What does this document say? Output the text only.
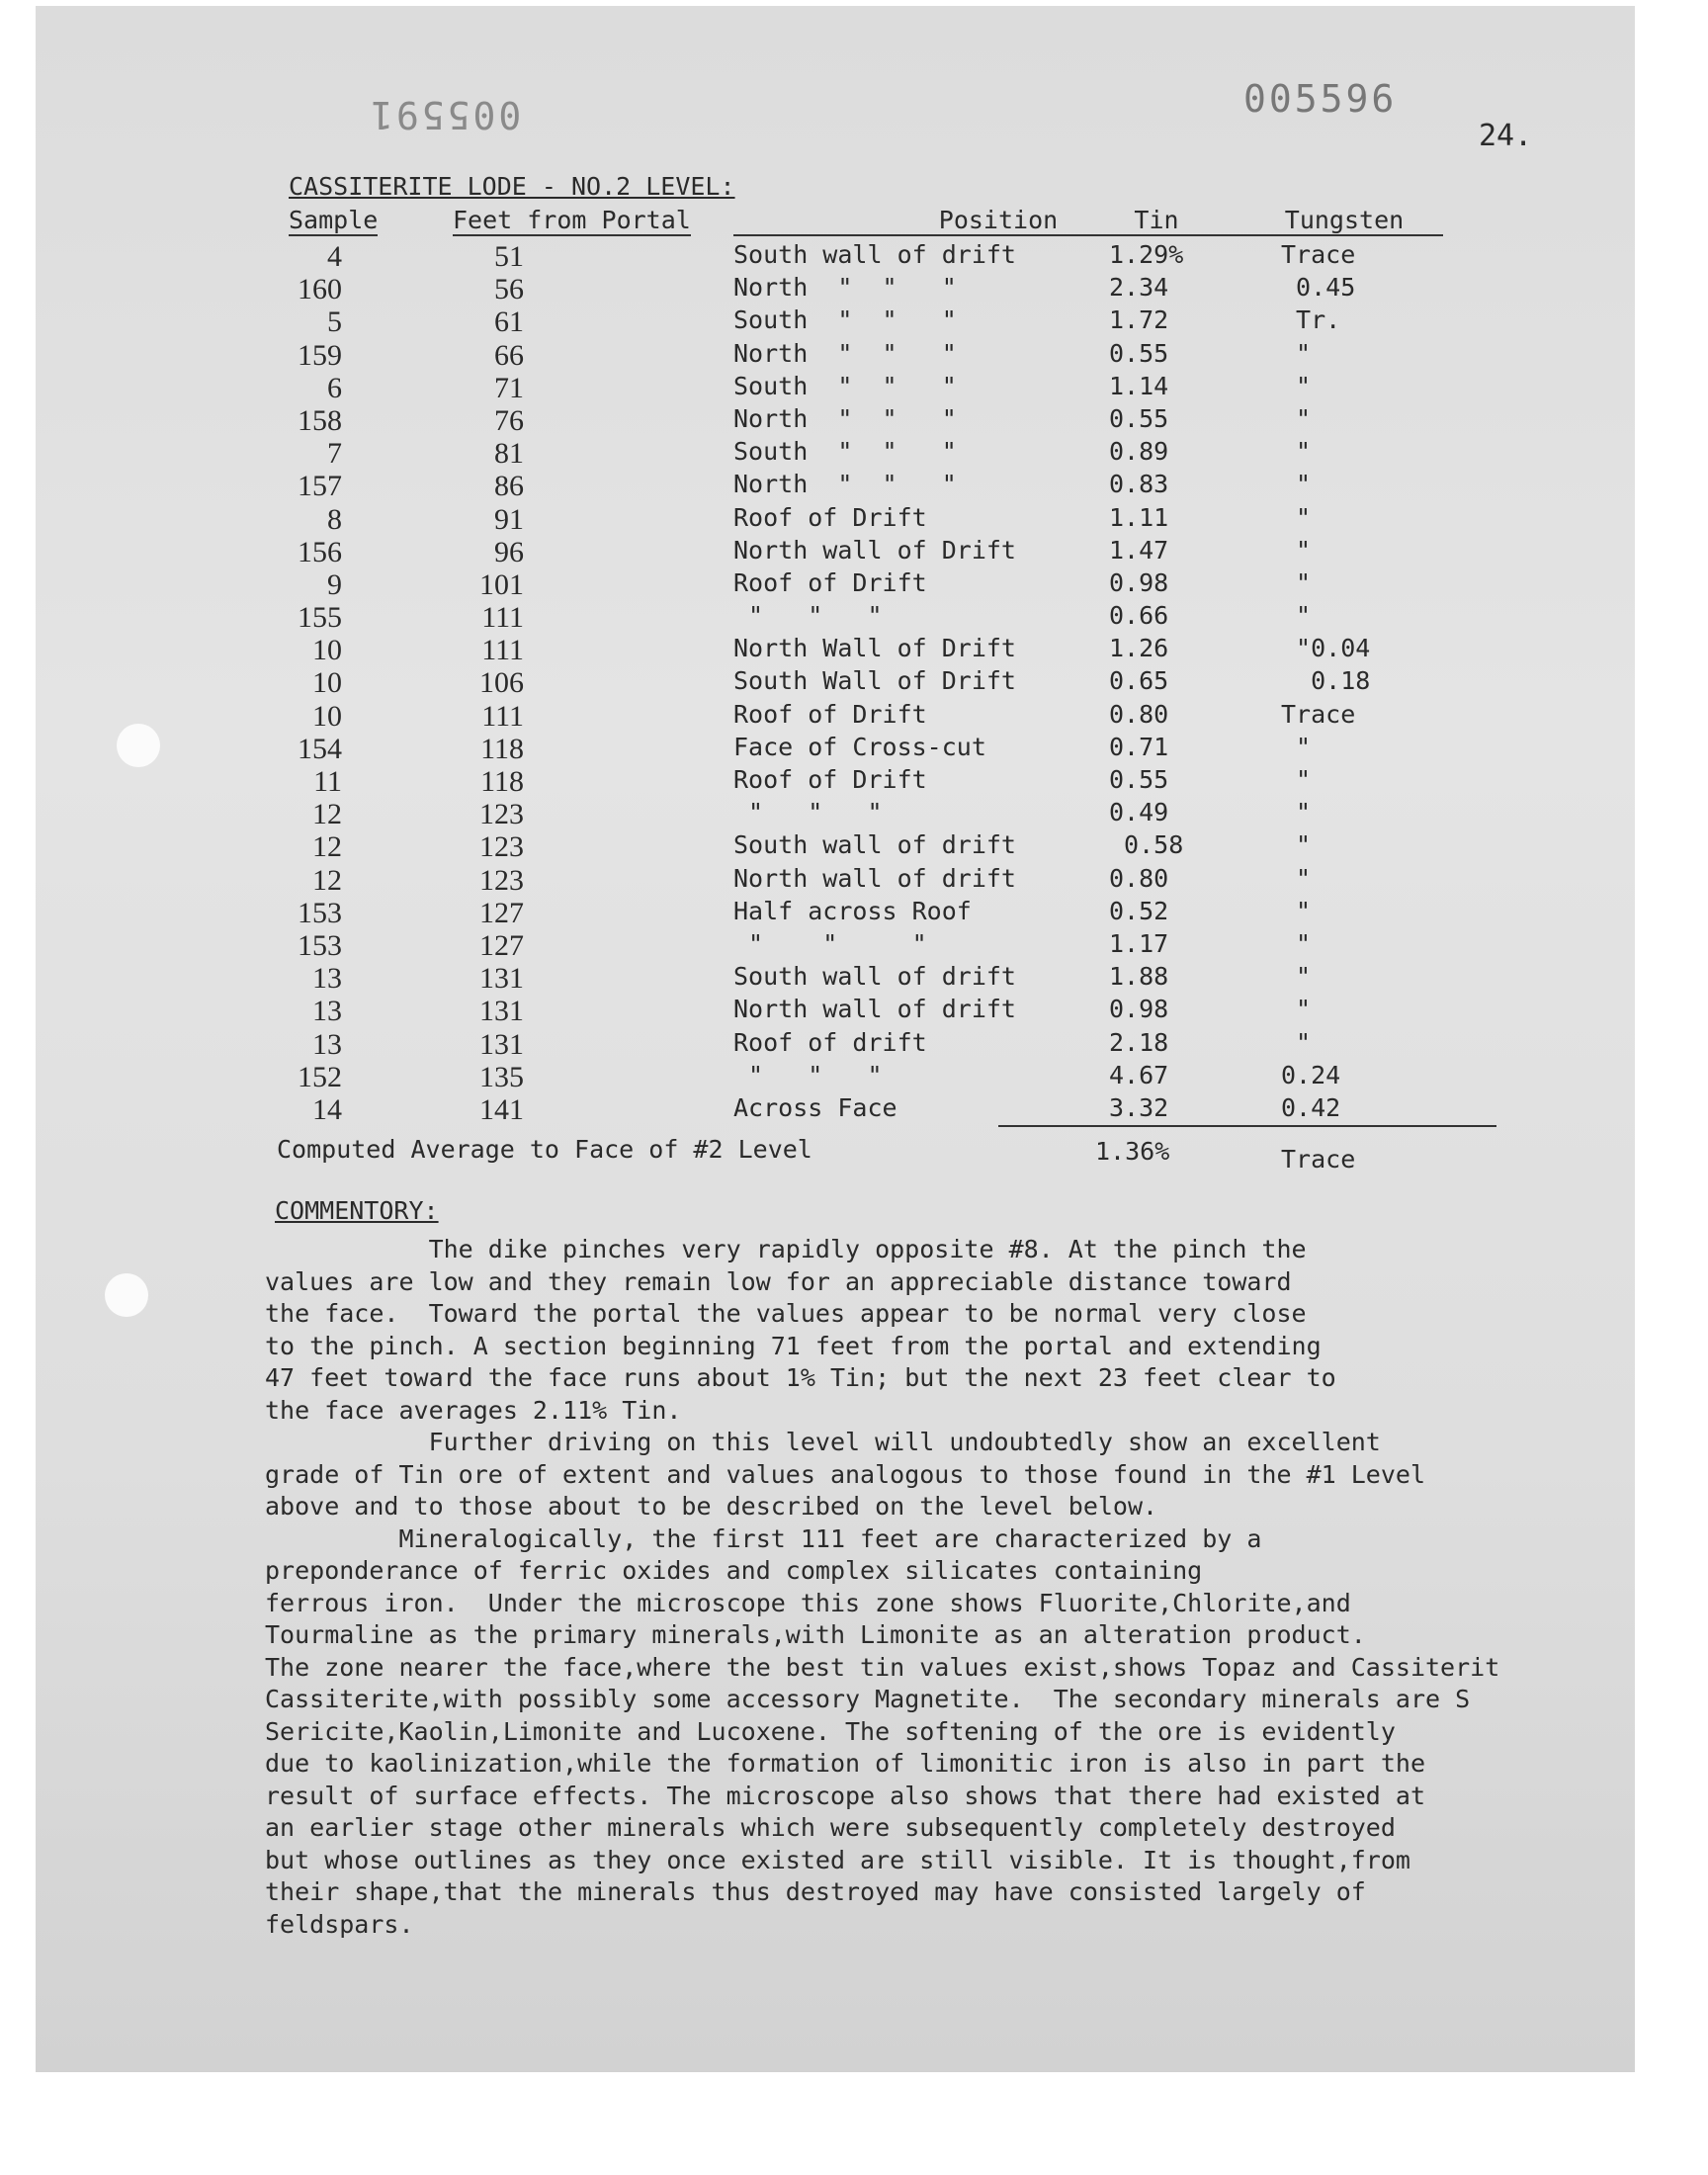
005591	005596
24.
CASSITERITE LODE - NO.2 LEVEL:
Sample	Feet from Portal	Position	Tin	Tungsten
4	51	South wall of drift	1.29%	Trace
160	56	North  "  "   "	2.34	0.45
5	61	South  "  "   "	1.72	Tr.
159	66	North  "  "   "	0.55	"
6	71	South  "  "   "	1.14	"
158	76	North  "  "   "	0.55	"
7	81	South  "  "   "	0.89	"
157	86	North  "  "   "	0.83	"
8	91	Roof of Drift	1.11	"
156	96	North wall of Drift	1.47	"
9	101	Roof of Drift	0.98	"
155	111	"   "   "	0.66	"
10	111	North Wall of Drift	1.26	"0.04
10	106	South Wall of Drift	0.65	0.18
10	111	Roof of Drift	0.80	Trace
154	118	Face of Cross-cut	0.71	"
11	118	Roof of Drift	0.55	"
12	123	"   "   "	0.49	"
12	123	South wall of drift	0.58	"
12	123	North wall of drift	0.80	"
153	127	Half across Roof	0.52	"
153	127	"    "     "	1.17	"
13	131	South wall of drift	1.88	"
13	131	North wall of drift	0.98	"
13	131	Roof of drift	2.18	"
152	135	"   "   "	4.67	0.24
14	141	Across Face	3.32	0.42
Computed Average to Face of #2 Level	1.36%	Trace
COMMENTORY:

The dike pinches very rapidly opposite #8. At the pinch the

values are low and they remain low for an appreciable distance toward

the face.  Toward the portal the values appear to be normal very close

to the pinch. A section beginning 71 feet from the portal and extending

47 feet toward the face runs about 1% Tin; but the next 23 feet clear to

the face averages 2.11% Tin.

Further driving on this level will undoubtedly show an excellent

grade of Tin ore of extent and values analogous to those found in the #1 Level

above and to those about to be described on the level below.

Mineralogically, the first 111 feet are characterized by a

preponderance of ferric oxides and complex silicates containing

ferrous iron.  Under the microscope this zone shows Fluorite,Chlorite,and

Tourmaline as the primary minerals,with Limonite as an alteration product.

The zone nearer the face,where the best tin values exist,shows Topaz and Cassiterit

Cassiterite,with possibly some accessory Magnetite.  The secondary minerals are S

Sericite,Kaolin,Limonite and Lucoxene. The softening of the ore is evidently

due to kaolinization,while the formation of limonitic iron is also in part the

result of surface effects. The microscope also shows that there had existed at

an earlier stage other minerals which were subsequently completely destroyed

but whose outlines as they once existed are still visible. It is thought,from

their shape,that the minerals thus destroyed may have consisted largely of

feldspars.
